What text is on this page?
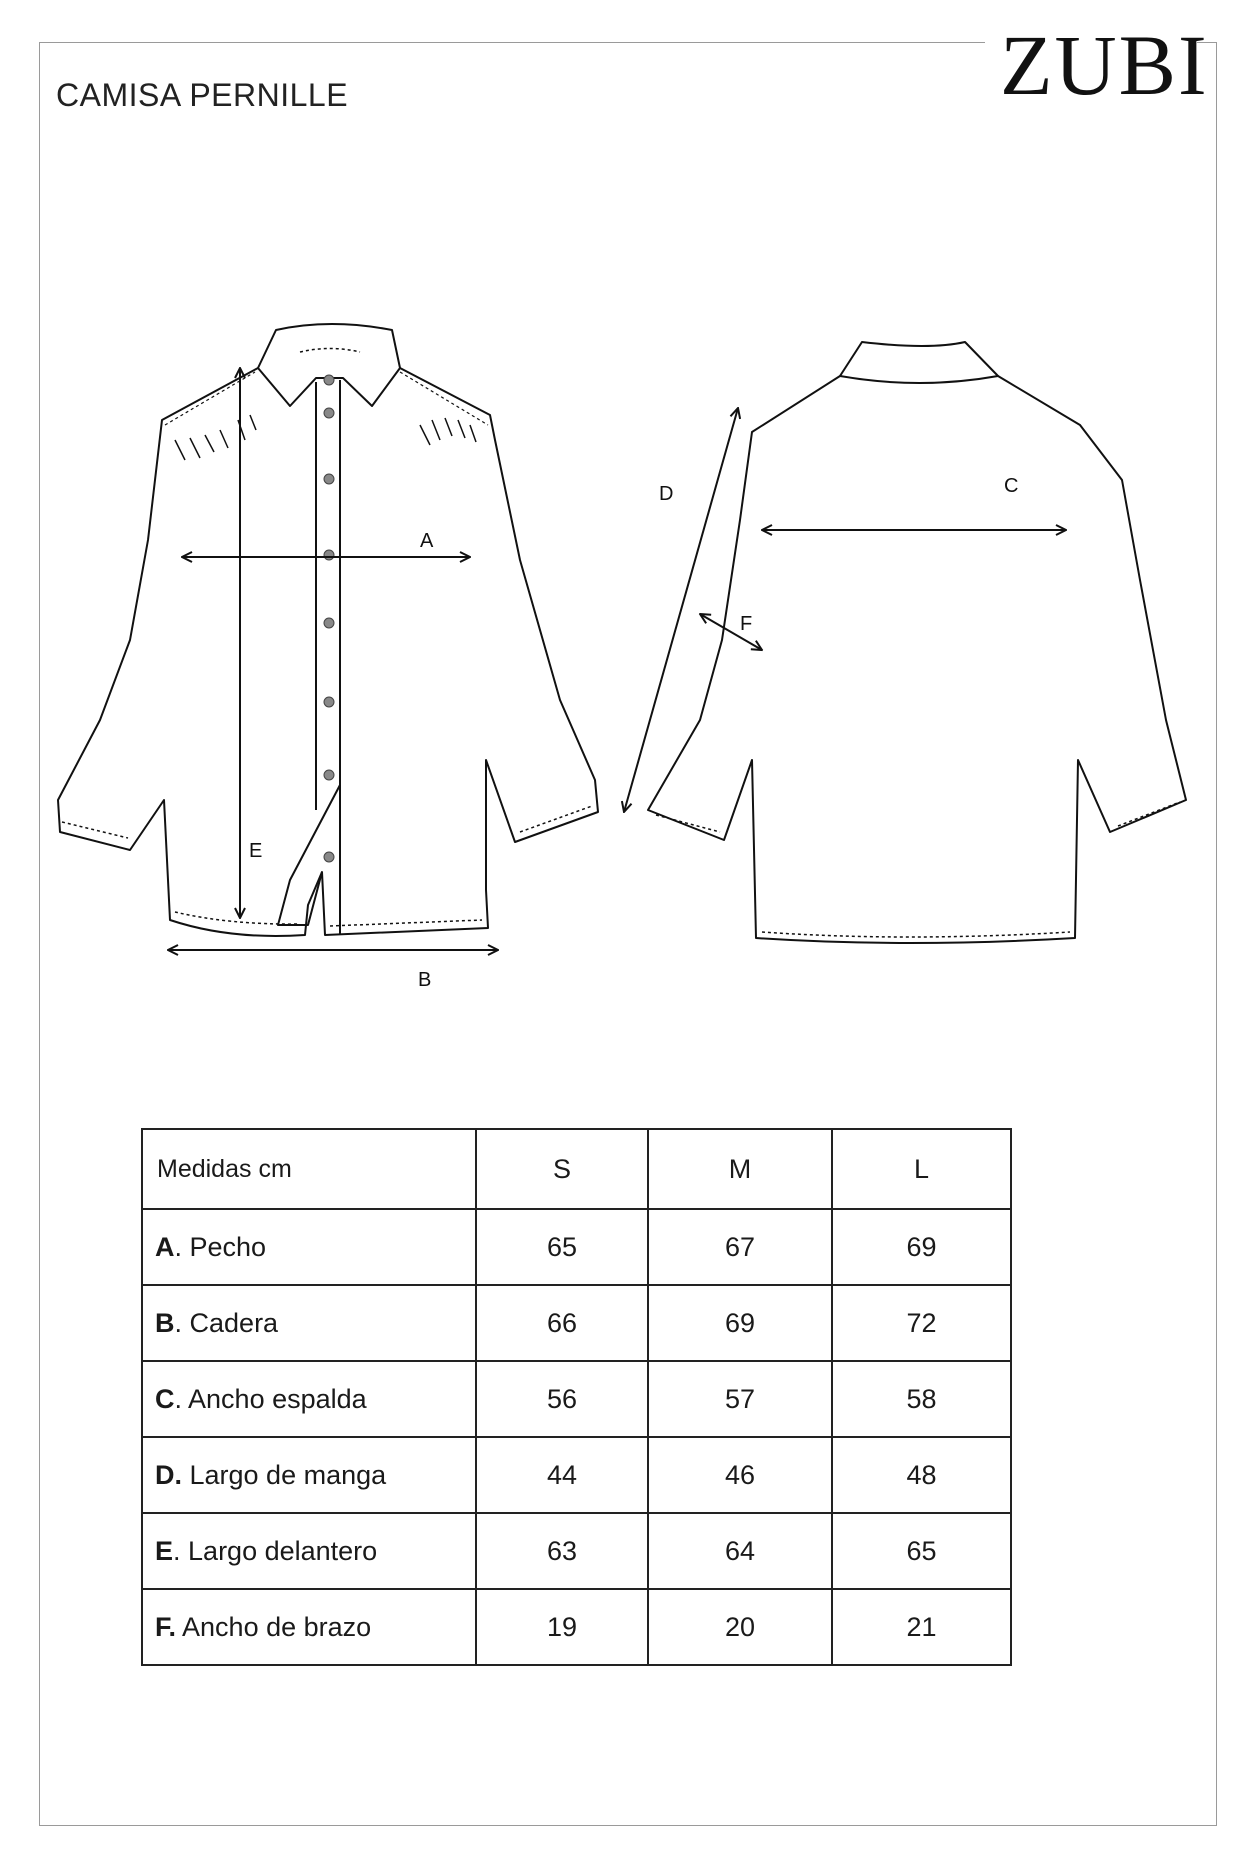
ZUBI
CAMISA PERNILLE
A
E
B
C
D
F
Medidas cm	S	M	L
A. Pecho	65	67	69
B. Cadera	66	69	72
C. Ancho espalda	56	57	58
D. Largo de manga	44	46	48
E. Largo delantero	63	64	65
F. Ancho de brazo	19	20	21
